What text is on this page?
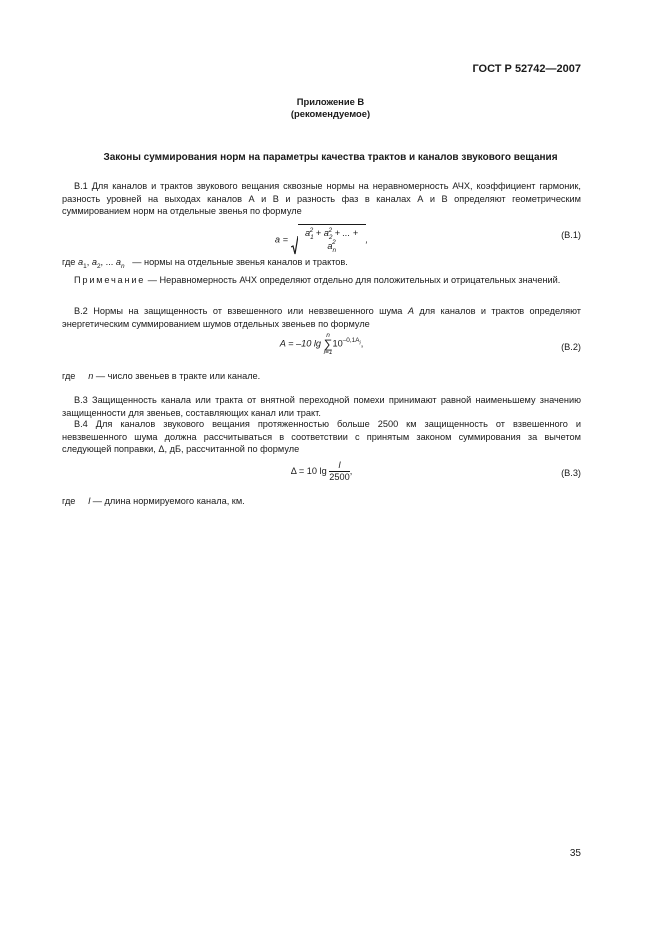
ГОСТ Р 52742—2007
Приложение В
(рекомендуемое)
Законы суммирования норм на параметры качества трактов и каналов звукового вещания
В.1 Для каналов и трактов звукового вещания сквозные нормы на неравномерность АЧХ, коэффициент гармоник, разность уровней на выходах каналов А и В и разность фаз в каналах А и В определяют геометрическим суммированием норм на отдельные звенья по формуле
$a = a_1^2 + a_2^2$ + ... + $a_n^2$	,	(В.1)
где $a_1$, $a_2$, ... $a_n$ — нормы на отдельные звенья каналов и трактов.
Примечание — Неравномерность АЧХ определяют отдельно для положительных и отрицательных значений.
В.2 Нормы на защищенность от взвешенного или невзвешенного шума A для каналов и трактов определяют энергетическим суммированием шумов отдельных звеньев по формуле
A = –10 lg
n
∑
i=1
$10^{-0,1A_i}$,	(В.2)
где n — число звеньев в тракте или канале.
В.3 Защищенность канала или тракта от внятной переходной помехи принимают равной наименьшему значению защищенности для звеньев, составляющих канал или тракт.
В.4 Для каналов звукового вещания протяженностью больше 2500 км защищенность от взвешенного и невзвешенного шума должна рассчитываться в соответствии с принятым законом суммирования за вычетом следующей поправки, Δ, дБ, рассчитанной по формуле
Δ = 10 $\lg \frac{l}{2500}$ ,	(В.3)
где l — длина нормируемого канала, км.
35
